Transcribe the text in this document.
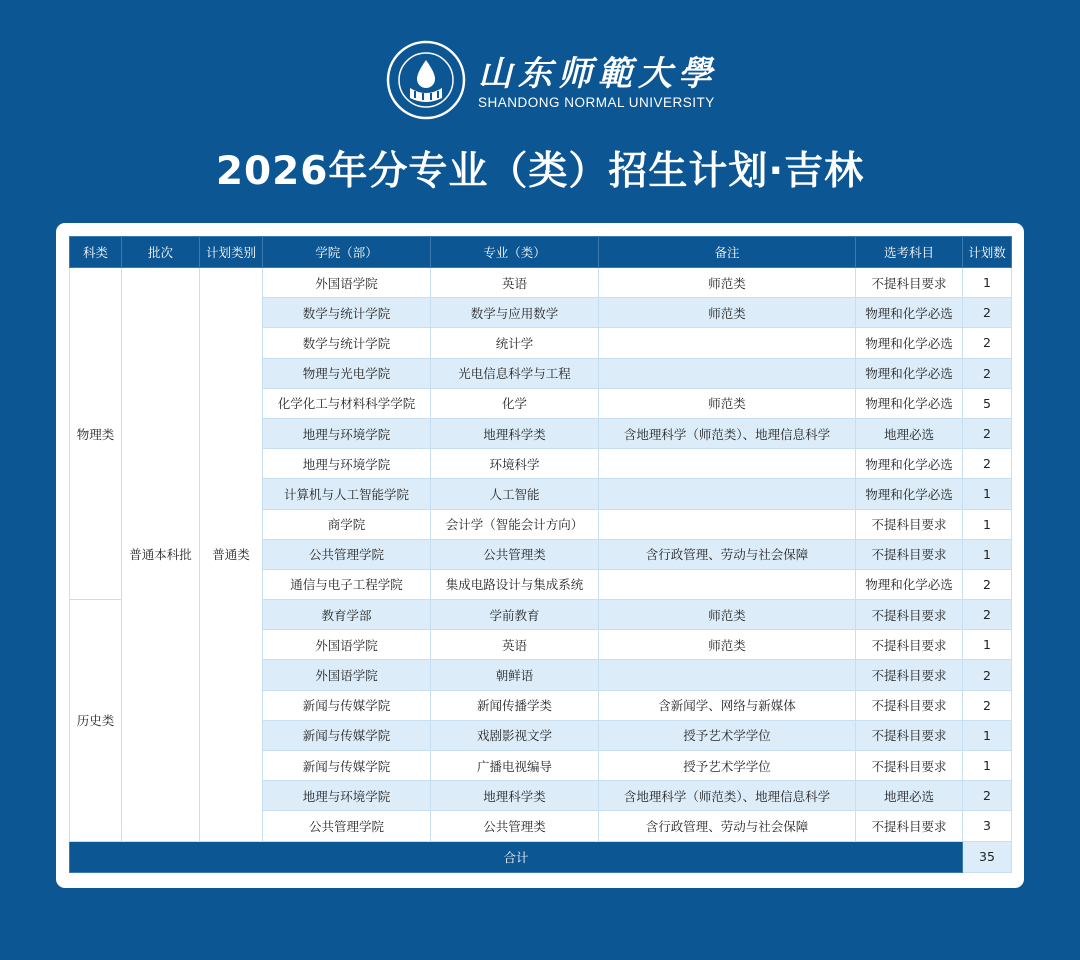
山东师範大學
SHANDONG NORMAL UNIVERSITY
2026年分专业（类）招生计划·吉林
科类	批次	计划类别	学院（部）	专业（类）	备注	选考科目	计划数
物理类	普通本科批	普通类	外国语学院	英语	师范类	不提科目要求	1
			数学与统计学院	数学与应用数学	师范类	物理和化学必选	2
			数学与统计学院	统计学		物理和化学必选	2
			物理与光电学院	光电信息科学与工程		物理和化学必选	2
			化学化工与材料科学学院	化学	师范类	物理和化学必选	5
			地理与环境学院	地理科学类	含地理科学（师范类）、地理信息科学	地理必选	2
			地理与环境学院	环境科学		物理和化学必选	2
			计算机与人工智能学院	人工智能		物理和化学必选	1
			商学院	会计学（智能会计方向）		不提科目要求	1
			公共管理学院	公共管理类	含行政管理、劳动与社会保障	不提科目要求	1
			通信与电子工程学院	集成电路设计与集成系统		物理和化学必选	2
历史类			教育学部	学前教育	师范类	不提科目要求	2
			外国语学院	英语	师范类	不提科目要求	1
			外国语学院	朝鲜语		不提科目要求	2
			新闻与传媒学院	新闻传播学类	含新闻学、网络与新媒体	不提科目要求	2
			新闻与传媒学院	戏剧影视文学	授予艺术学学位	不提科目要求	1
			新闻与传媒学院	广播电视编导	授予艺术学学位	不提科目要求	1
			地理与环境学院	地理科学类	含地理科学（师范类）、地理信息科学	地理必选	2
			公共管理学院	公共管理类	含行政管理、劳动与社会保障	不提科目要求	3
合计							35
